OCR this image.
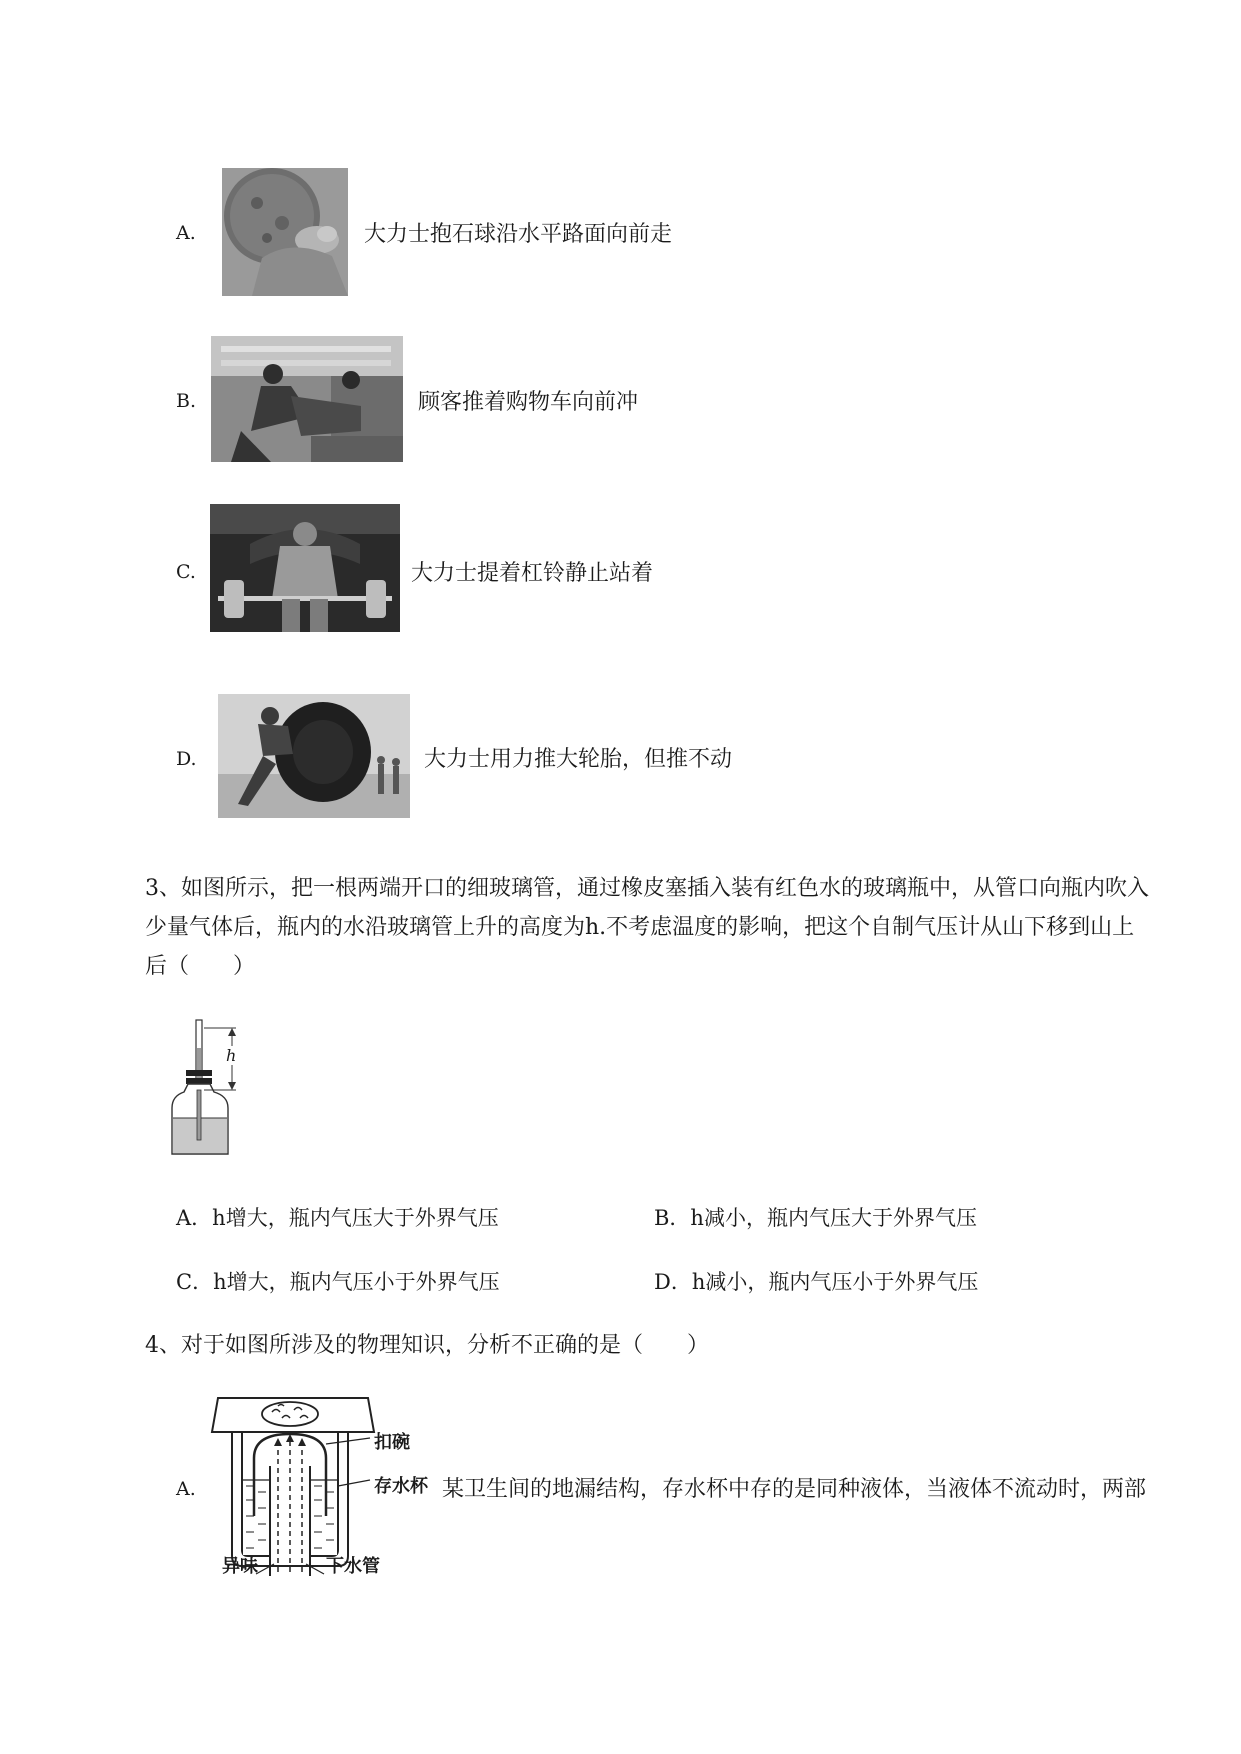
A.	大力士抱石球沿水平路面向前走
B.	顾客推着购物车向前冲
C.	大力士提着杠铃静止站着
D.	大力士用力推大轮胎，但推不动
3、如图所示，把一根两端开口的细玻璃管，通过橡皮塞插入装有红色水的玻璃瓶中，从管口向瓶内吹入少量气体后，瓶内的水沿玻璃管上升的高度为h.不考虑温度的影响，把这个自制气压计从山下移到山上后（　　）
h
A．h增大，瓶内气压大于外界气压	B．h减小，瓶内气压大于外界气压
C．h增大，瓶内气压小于外界气压	D．h减小，瓶内气压小于外界气压
4、对于如图所涉及的物理知识，分析不正确的是（　　）
A.
扣碗
存水杯
异味	下水管
某卫生间的地漏结构，存水杯中存的是同种液体，当液体不流动时，两部
